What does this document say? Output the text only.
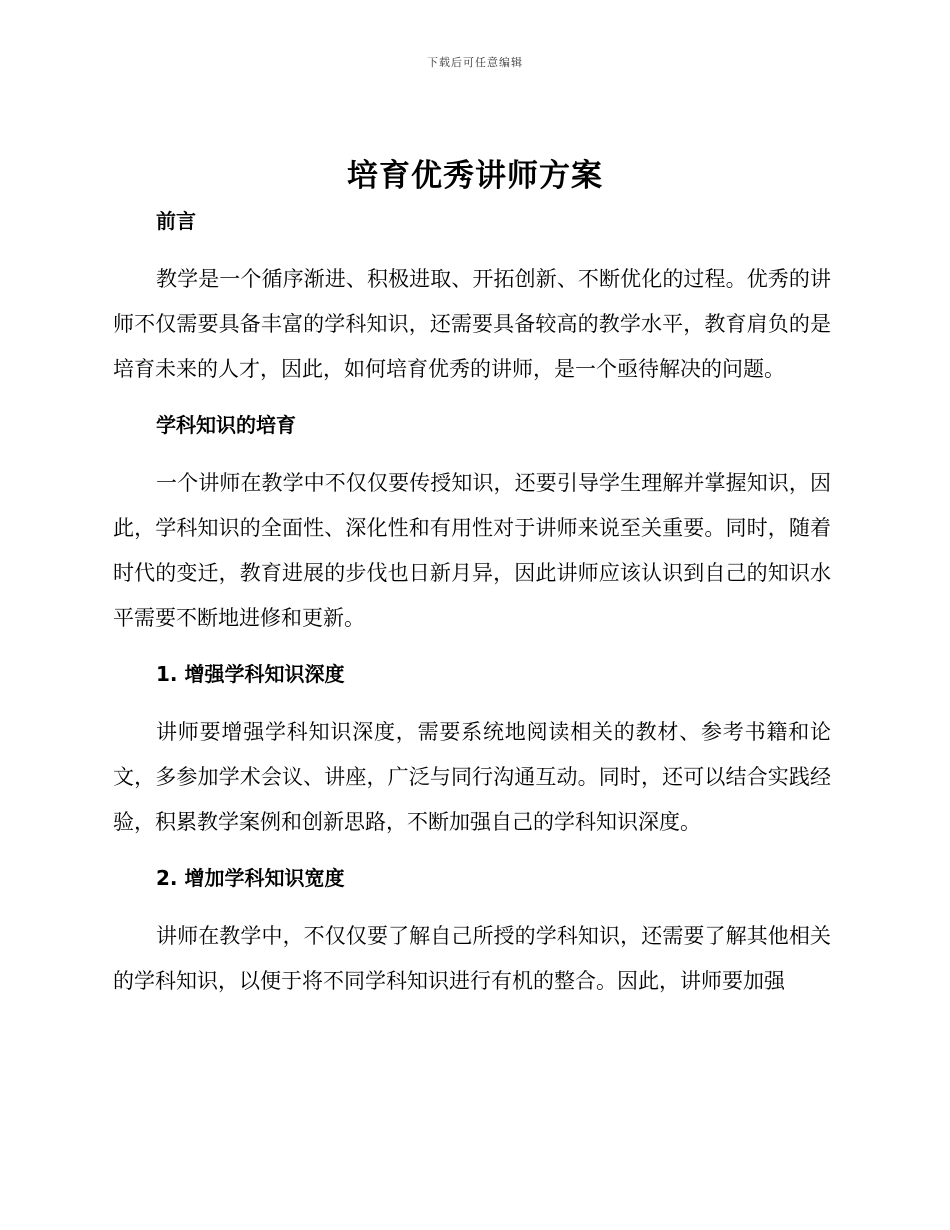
下载后可任意编辑
培育优秀讲师方案

前言

教学是一个循序渐进、积极进取、开拓创新、不断优化的过程。优秀的讲师不仅需要具备丰富的学科知识，还需要具备较高的教学水平，教育肩负的是培育未来的人才，因此，如何培育优秀的讲师，是一个亟待解决的问题。

学科知识的培育

一个讲师在教学中不仅仅要传授知识，还要引导学生理解并掌握知识，因此，学科知识的全面性、深化性和有用性对于讲师来说至关重要。同时，随着时代的变迁，教育进展的步伐也日新月异，因此讲师应该认识到自己的知识水平需要不断地进修和更新。

1. 增强学科知识深度

讲师要增强学科知识深度，需要系统地阅读相关的教材、参考书籍和论文，多参加学术会议、讲座，广泛与同行沟通互动。同时，还可以结合实践经验，积累教学案例和创新思路，不断加强自己的学科知识深度。

2. 增加学科知识宽度

讲师在教学中，不仅仅要了解自己所授的学科知识，还需要了解其他相关的学科知识，以便于将不同学科知识进行有机的整合。因此，讲师要加强
